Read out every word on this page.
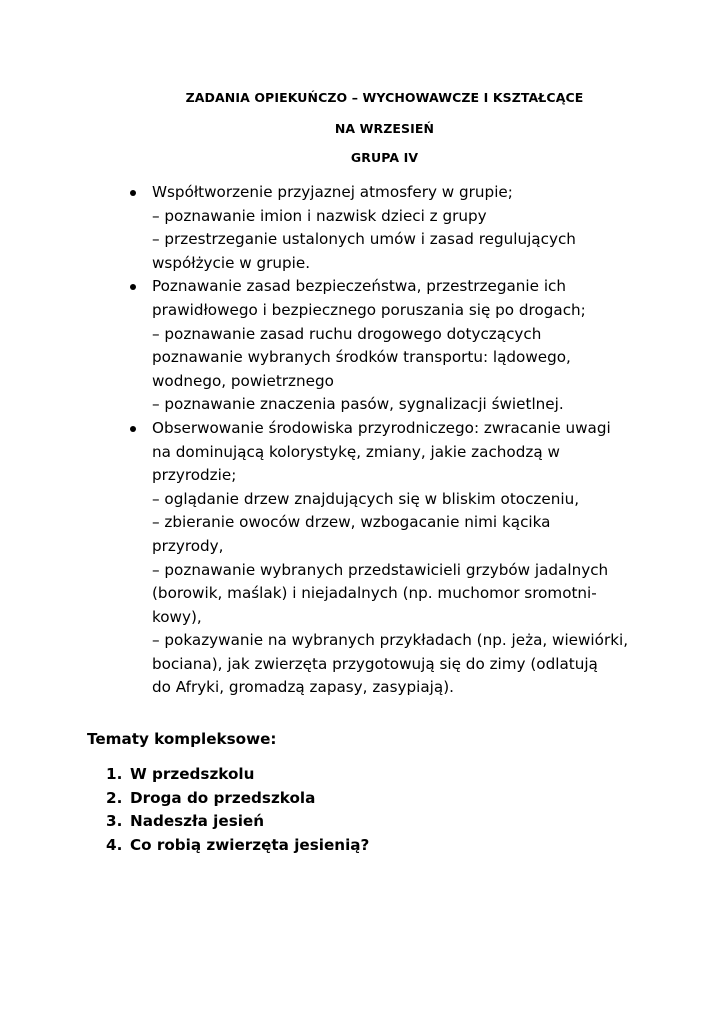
ZADANIA OPIEKUŃCZO – WYCHOWAWCZE I KSZTAŁCĄCE
NA WRZESIEŃ
GRUPA IV
Współtworzenie przyjaznej atmosfery w grupie;
– poznawanie imion i nazwisk dzieci z grupy
– przestrzeganie ustalonych umów i zasad regulujących
współżycie w grupie.
Poznawanie zasad bezpieczeństwa, przestrzeganie ich
prawidłowego i bezpiecznego poruszania się po drogach;
– poznawanie zasad ruchu drogowego dotyczących
poznawanie wybranych środków transportu: lądowego,
wodnego, powietrznego
– poznawanie znaczenia pasów, sygnalizacji świetlnej.
Obserwowanie środowiska przyrodniczego: zwracanie uwagi
na dominującą kolorystykę, zmiany, jakie zachodzą w
przyrodzie;
– oglądanie drzew znajdujących się w bliskim otoczeniu,
– zbieranie owoców drzew, wzbogacanie nimi kącika
przyrody,
– poznawanie wybranych przedstawicieli grzybów jadalnych
(borowik, maślak) i niejadalnych (np. muchomor sromotni-
kowy),
– pokazywanie na wybranych przykładach (np. jeża, wiewiórki,
bociana), jak zwierzęta przygotowują się do zimy (odlatują
do Afryki, gromadzą zapasy, zasypiają).
Tematy kompleksowe:
1. W przedszkolu
2. Droga do przedszkola
3. Nadeszła jesień
4. Co robią zwierzęta jesienią?
